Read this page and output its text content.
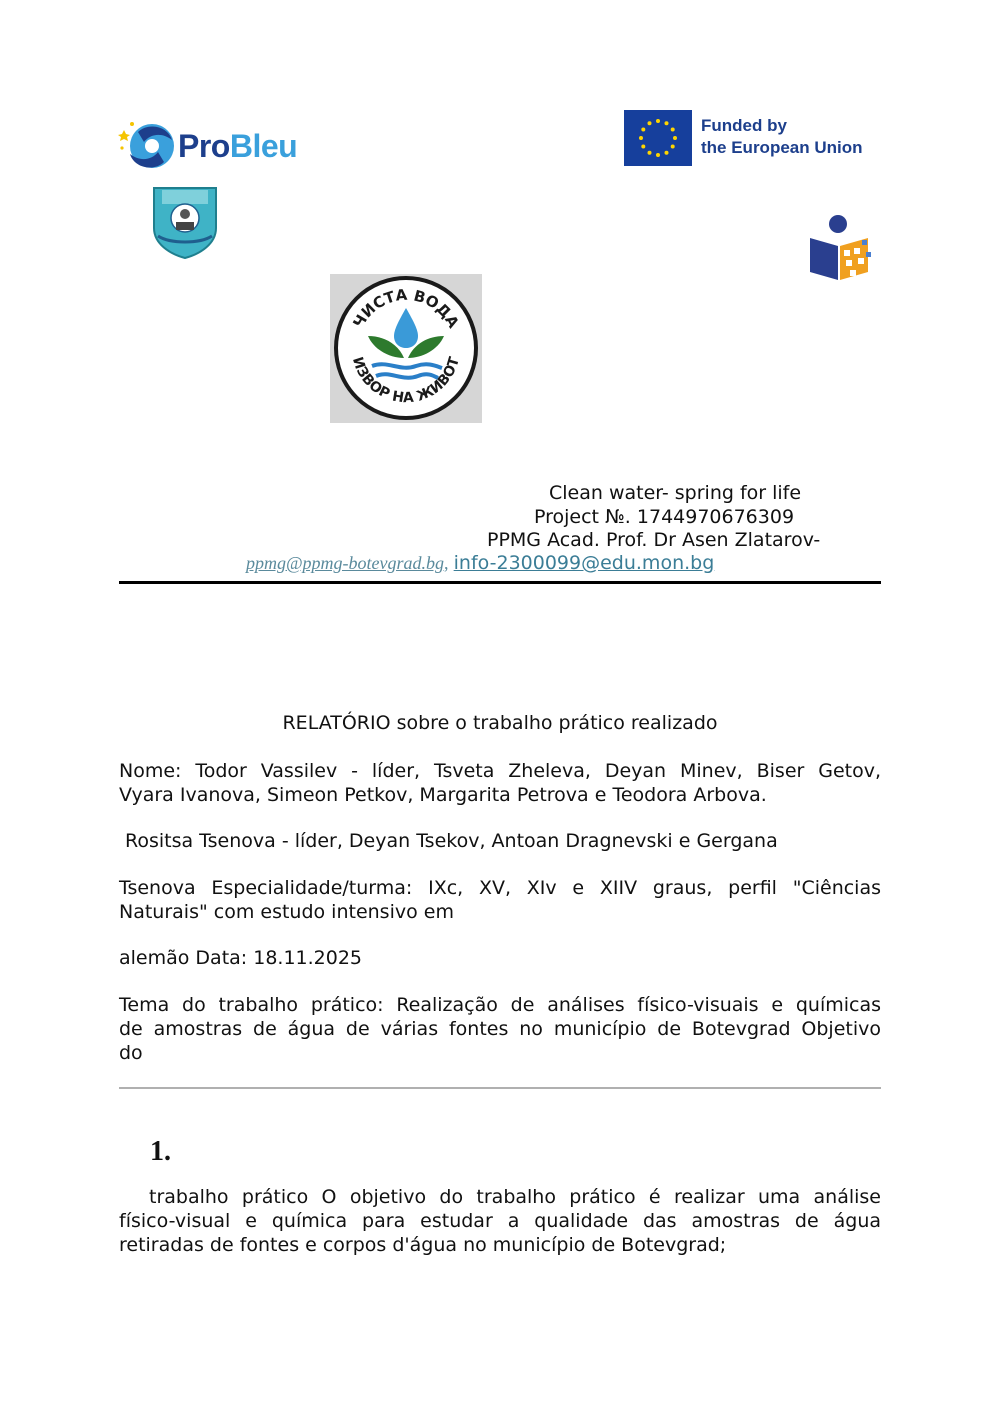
ProBleu
Funded by
the European Union
ЧИСТА ВОДА
ИЗВОР НА ЖИВОТ
Clean water- spring for life
Project №. 1744970676309
PPMG Acad. Prof. Dr Asen Zlatarov-
ppmg@ppmg-botevgrad.bg, info-2300099@edu.mon.bg
RELATÓRIO sobre o trabalho prático realizado
Nome: Todor Vassilev - líder, Tsveta Zheleva, Deyan Minev, Biser Getov,
Vyara Ivanova, Simeon Petkov, Margarita Petrova e Teodora Arbova.
Rositsa Tsenova - líder, Deyan Tsekov, Antoan Dragnevski e Gergana
Tsenova Especialidade/turma: IXc, XV, XIv e XIIV graus, perfil "Ciências
Naturais" com estudo intensivo em
alemão Data: 18.11.2025
Tema do trabalho prático: Realização de análises físico-visuais e químicas
de amostras de água de várias fontes no município de Botevgrad Objetivo
do
1.
trabalho prático O objetivo do trabalho prático é realizar uma análise
físico-visual e química para estudar a qualidade das amostras de água
retiradas de fontes e corpos d'água no município de Botevgrad;
